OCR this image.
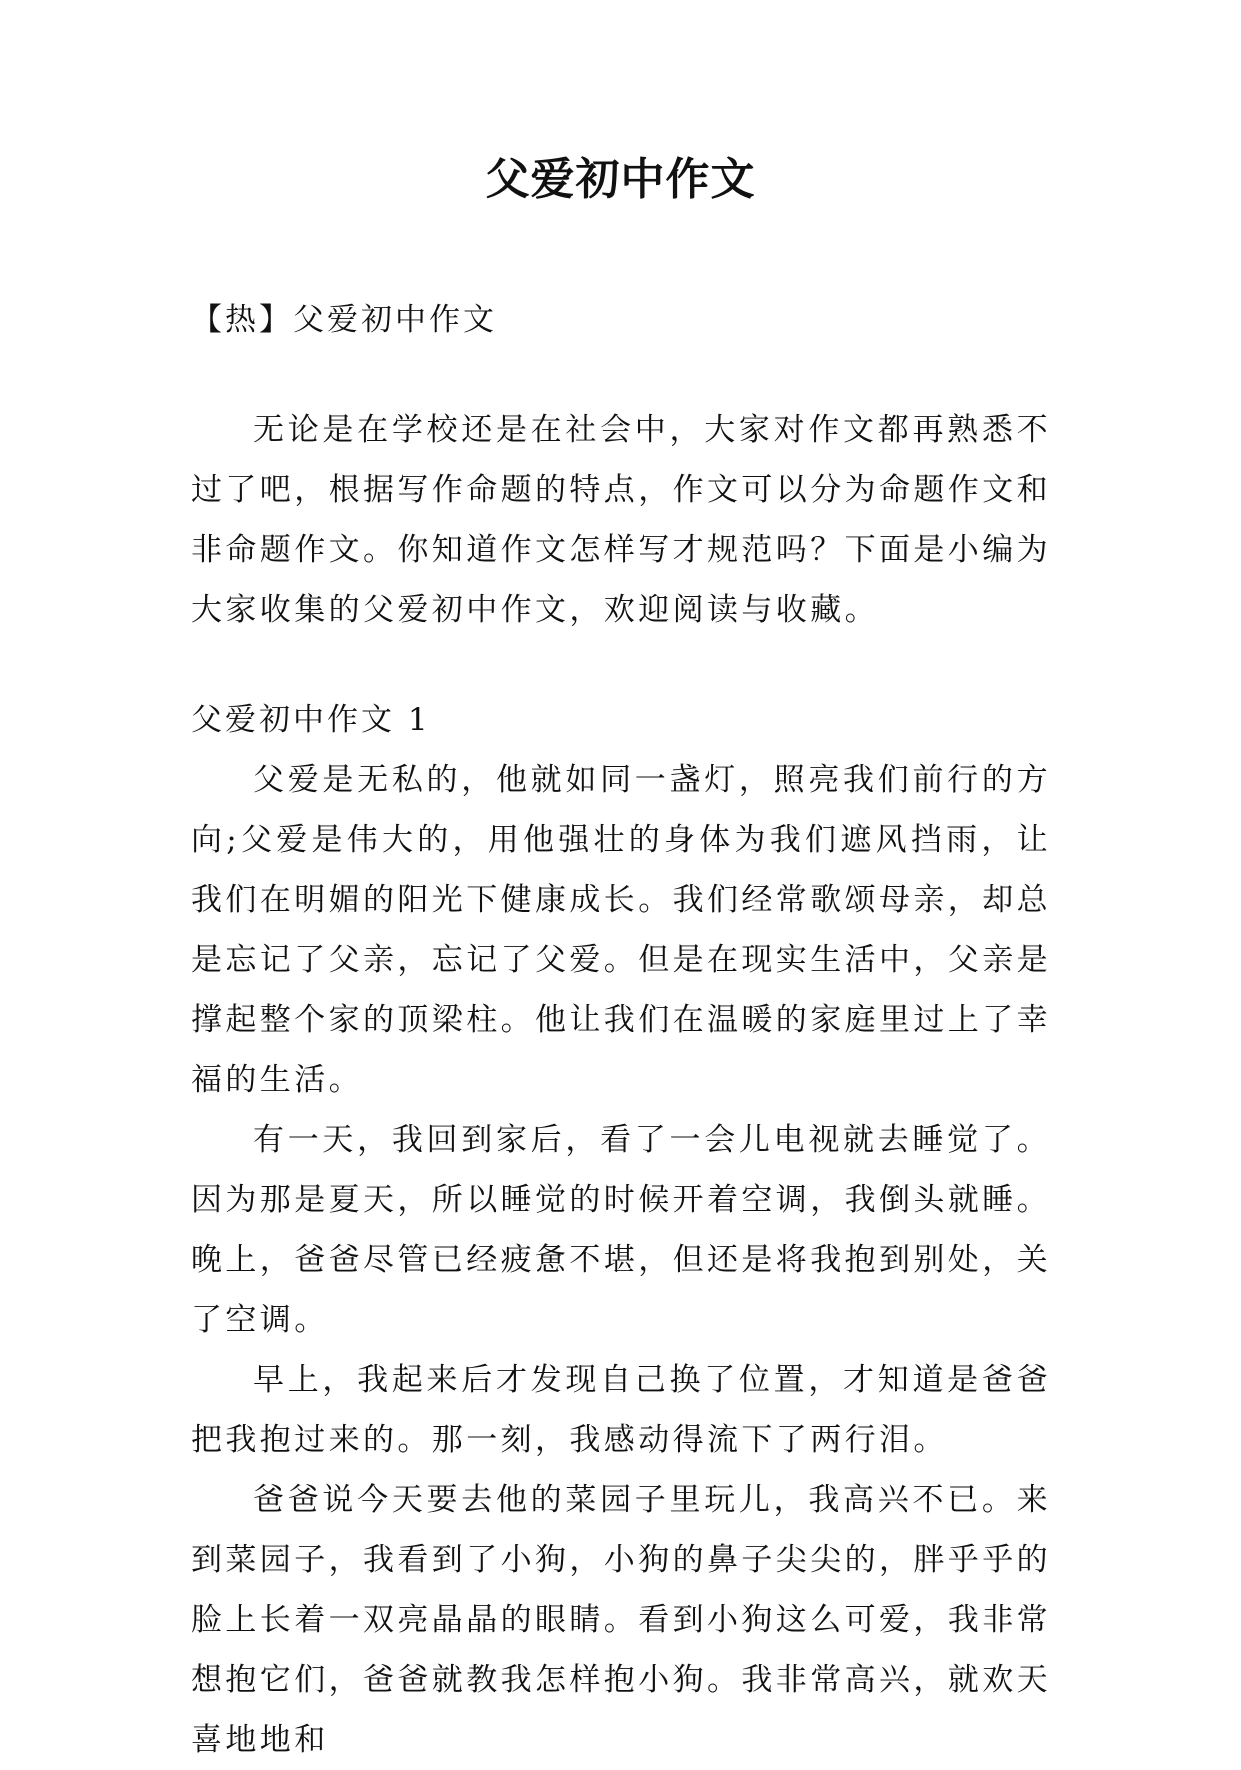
父爱初中作文
【热】父爱初中作文

无论是在学校还是在社会中，大家对作文都再熟悉不过了吧，根据写作命题的特点，作文可以分为命题作文和非命题作文。你知道作文怎样写才规范吗？下面是小编为大家收集的父爱初中作文，欢迎阅读与收藏。

父爱初中作文 1

父爱是无私的，他就如同一盏灯，照亮我们前行的方向;父爱是伟大的，用他强壮的身体为我们遮风挡雨，让我们在明媚的阳光下健康成长。我们经常歌颂母亲，却总是忘记了父亲，忘记了父爱。但是在现实生活中，父亲是撑起整个家的顶梁柱。他让我们在温暖的家庭里过上了幸福的生活。

有一天，我回到家后，看了一会儿电视就去睡觉了。因为那是夏天，所以睡觉的时候开着空调，我倒头就睡。晚上，爸爸尽管已经疲惫不堪，但还是将我抱到别处，关了空调。

早上，我起来后才发现自己换了位置，才知道是爸爸把我抱过来的。那一刻，我感动得流下了两行泪。

爸爸说今天要去他的菜园子里玩儿，我高兴不已。来到菜园子，我看到了小狗，小狗的鼻子尖尖的，胖乎乎的脸上长着一双亮晶晶的眼睛。看到小狗这么可爱，我非常想抱它们，爸爸就教我怎样抱小狗。我非常高兴，就欢天喜地地和
